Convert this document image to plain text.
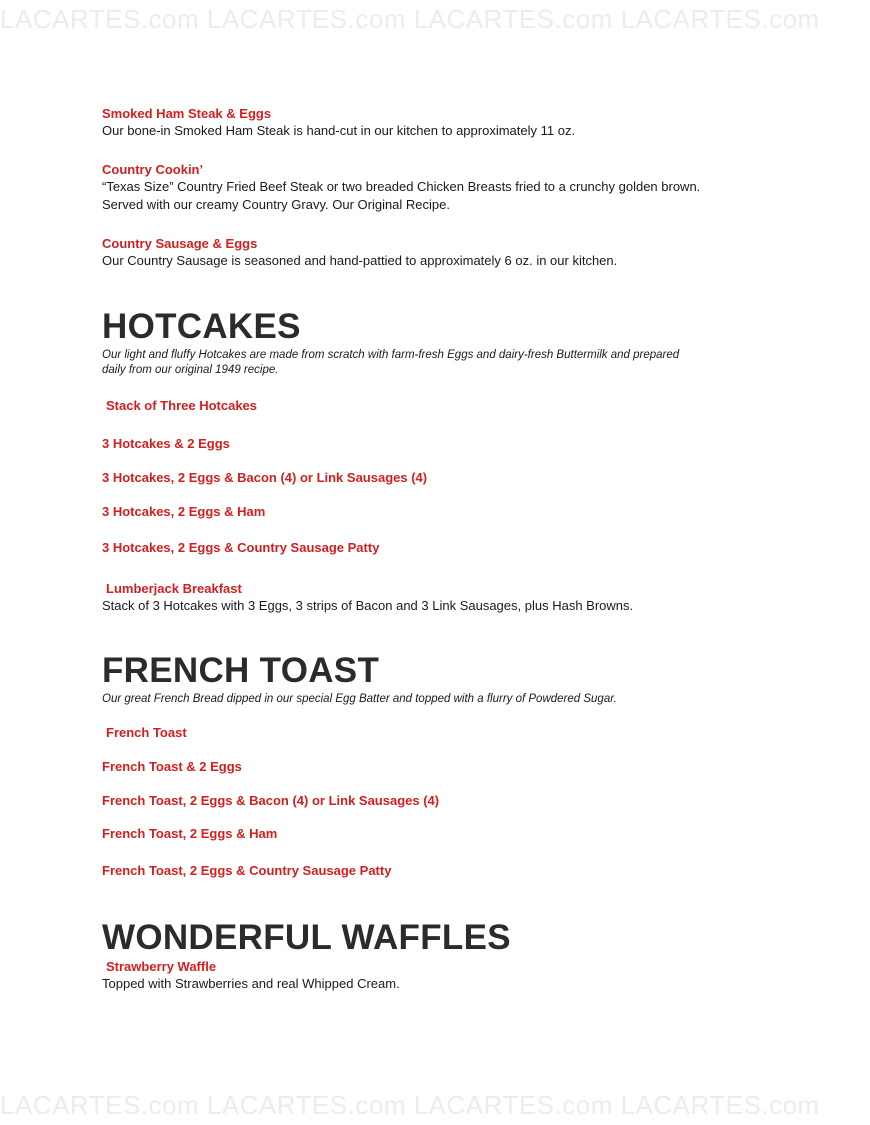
LACARTES.com LACARTES.com LACARTES.com LACARTES.com
Smoked Ham Steak & Eggs
Our bone-in Smoked Ham Steak is hand-cut in our kitchen to approximately 11 oz.
Country Cookin’
“Texas Size” Country Fried Beef Steak or two breaded Chicken Breasts fried to a crunchy golden brown.
Served with our creamy Country Gravy. Our Original Recipe.
Country Sausage & Eggs
Our Country Sausage is seasoned and hand-pattied to approximately 6 oz. in our kitchen.
HOTCAKES
Our light and fluffy Hotcakes are made from scratch with farm-fresh Eggs and dairy-fresh Buttermilk and prepared
daily from our original 1949 recipe.
Stack of Three Hotcakes
3 Hotcakes & 2 Eggs
3 Hotcakes, 2 Eggs & Bacon (4) or Link Sausages (4)
3 Hotcakes, 2 Eggs & Ham
3 Hotcakes, 2 Eggs & Country Sausage Patty
Lumberjack Breakfast
Stack of 3 Hotcakes with 3 Eggs, 3 strips of Bacon and 3 Link Sausages, plus Hash Browns.
FRENCH TOAST
Our great French Bread dipped in our special Egg Batter and topped with a flurry of Powdered Sugar.
French Toast
French Toast & 2 Eggs
French Toast, 2 Eggs & Bacon (4) or Link Sausages (4)
French Toast, 2 Eggs & Ham
French Toast, 2 Eggs & Country Sausage Patty
WONDERFUL WAFFLES
Strawberry Waffle
Topped with Strawberries and real Whipped Cream.
LACARTES.com LACARTES.com LACARTES.com LACARTES.com
